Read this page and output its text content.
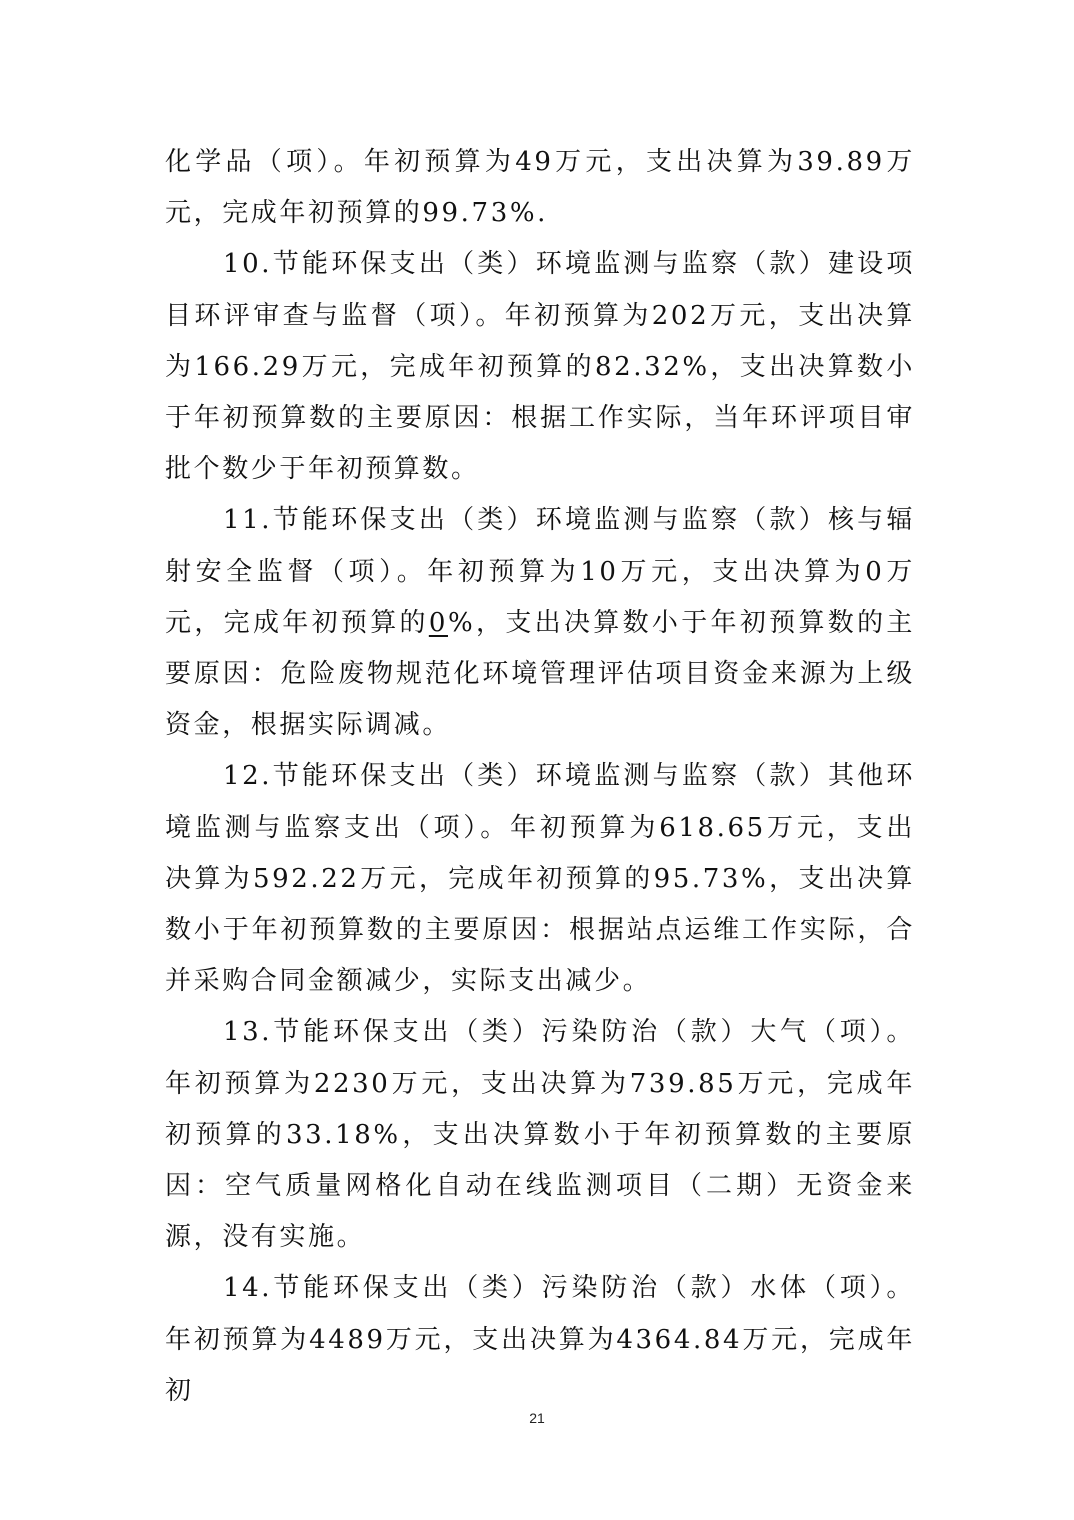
化学品（项）。年初预算为49万元，支出决算为39.89万元，完成年初预算的99.73%.

10.节能环保支出（类）环境监测与监察（款）建设项目环评审查与监督（项）。年初预算为202万元，支出决算为166.29万元，完成年初预算的82.32%，支出决算数小于年初预算数的主要原因：根据工作实际，当年环评项目审批个数少于年初预算数。

11.节能环保支出（类）环境监测与监察（款）核与辐射安全监督（项）。年初预算为10万元，支出决算为0万元，完成年初预算的0%，支出决算数小于年初预算数的主要原因：危险废物规范化环境管理评估项目资金来源为上级资金，根据实际调减。

12.节能环保支出（类）环境监测与监察（款）其他环境监测与监察支出（项）。年初预算为618.65万元，支出决算为592.22万元，完成年初预算的95.73%，支出决算数小于年初预算数的主要原因：根据站点运维工作实际，合并采购合同金额减少，实际支出减少。

13.节能环保支出（类）污染防治（款）大气（项）。年初预算为2230万元，支出决算为739.85万元，完成年初预算的33.18%，支出决算数小于年初预算数的主要原因：空气质量网格化自动在线监测项目（二期）无资金来源，没有实施。

14.节能环保支出（类）污染防治（款）水体（项）。年初预算为4489万元，支出决算为4364.84万元，完成年初

21
